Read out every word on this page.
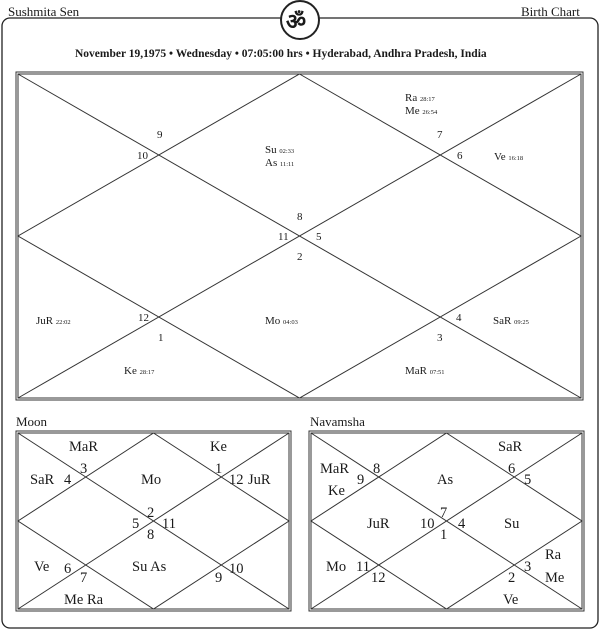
Sushmita Sen	Birth Chart
ॐ
November 19,1975 • Wednesday • 07:05:00 hrs • Hyderabad, Andhra Pradesh, India
8
11 5
2
9
10
7
6
4
3
12
1
Su 02:33
As 11:11
Ra 28:17
Me 26:54
Ve 16:18
JuR 22:02	Mo 04:03	SaR 09:25
Ke 28:17	MaR 07:51
Moon
2
5 11
8
3
4
1
12
6
7	9
10
MaR
SaR	Mo
Ke
JuR
Ve
Me Ra
Su As
Navamsha
7
10 4
1
9
8	6
5
11
12	2
3
MaR
Ke
As
SaR
JuR	Su
Mo
Ra
Me
Ve
